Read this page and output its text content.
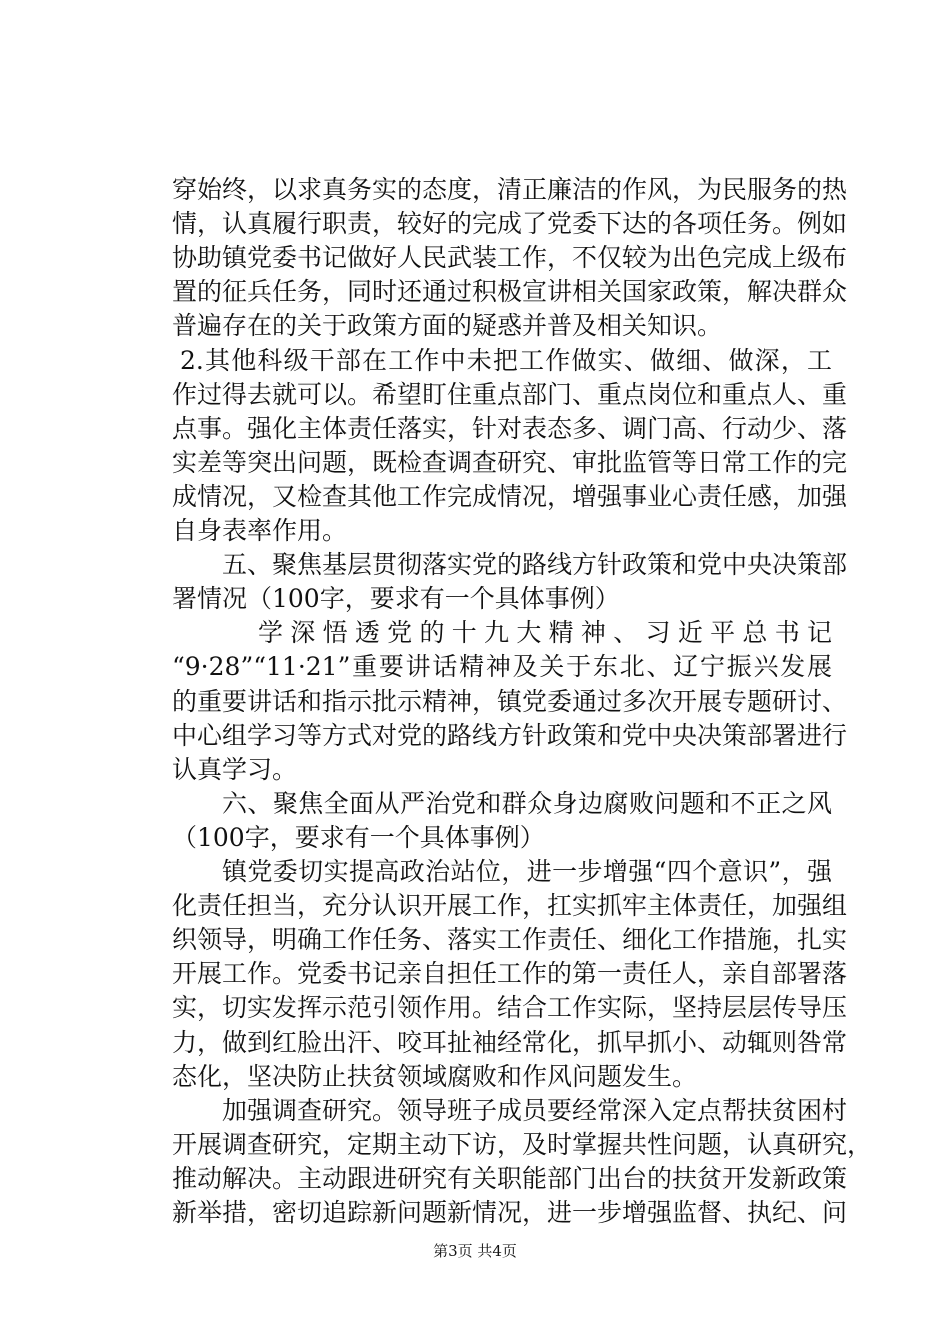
穿始终，以求真务实的态度，清正廉洁的作风，为民服务的热
情，认真履行职责，较好的完成了党委下达的各项任务。例如
协助镇党委书记做好人民武装工作，不仅较为出色完成上级布
置的征兵任务，同时还通过积极宣讲相关国家政策，解决群众
普遍存在的关于政策方面的疑惑并普及相关知识。
2.其他科级干部在工作中未把工作做实、做细、做深，工
作过得去就可以。希望盯住重点部门、重点岗位和重点人、重
点事。强化主体责任落实，针对表态多、调门高、行动少、落
实差等突出问题，既检查调查研究、审批监管等日常工作的完
成情况，又检查其他工作完成情况，增强事业心责任感，加强
自身表率作用。
五、聚焦基层贯彻落实党的路线方针政策和党中央决策部
署情况（100字，要求有一个具体事例）
学深悟透党的十九大精神、习近平总书记
“9·28”“11·21”重要讲话精神及关于东北、辽宁振兴发展
的重要讲话和指示批示精神，镇党委通过多次开展专题研讨、
中心组学习等方式对党的路线方针政策和党中央决策部署进行
认真学习。
六、聚焦全面从严治党和群众身边腐败问题和不正之风
（100字，要求有一个具体事例）
镇党委切实提高政治站位，进一步增强“四个意识”，强
化责任担当，充分认识开展工作，扛实抓牢主体责任，加强组
织领导，明确工作任务、落实工作责任、细化工作措施，扎实
开展工作。党委书记亲自担任工作的第一责任人，亲自部署落
实，切实发挥示范引领作用。结合工作实际，坚持层层传导压
力，做到红脸出汗、咬耳扯袖经常化，抓早抓小、动辄则咎常
态化，坚决防止扶贫领域腐败和作风问题发生。
加强调查研究。领导班子成员要经常深入定点帮扶贫困村
开展调查研究，定期主动下访，及时掌握共性问题，认真研究，
推动解决。主动跟进研究有关职能部门出台的扶贫开发新政策
新举措，密切追踪新问题新情况，进一步增强监督、执纪、问
第3页 共4页
